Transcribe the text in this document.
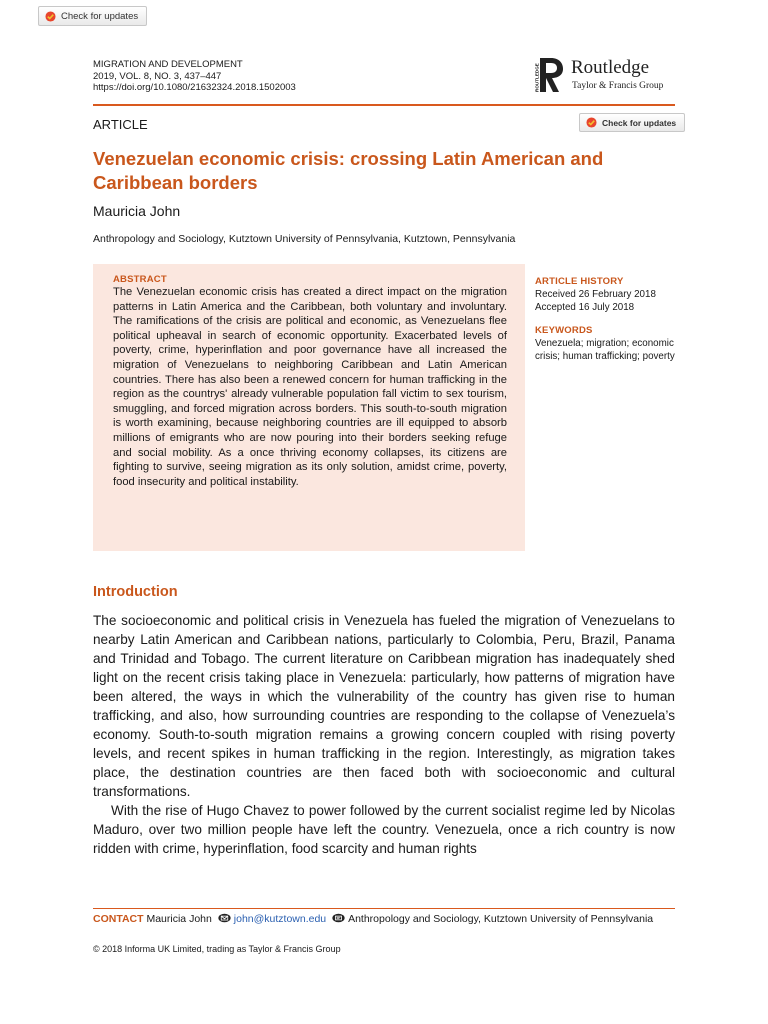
Check for updates
MIGRATION AND DEVELOPMENT
2019, VOL. 8, NO. 3, 437–447
https://doi.org/10.1080/21632324.2018.1502003	ROUTLEDGE Routledge
Taylor & Francis Group
ARTICLE	Check for updates
Venezuelan economic crisis: crossing Latin American and Caribbean borders
Mauricia John
Anthropology and Sociology, Kutztown University of Pennsylvania, Kutztown, Pennsylvania
ABSTRACT
The Venezuelan economic crisis has created a direct impact on the migration patterns in Latin America and the Caribbean, both voluntary and involuntary. The ramifications of the crisis are political and economic, as Venezuelans flee political upheaval in search of economic opportunity. Exacerbated levels of poverty, crime, hyperinflation and poor governance have all increased the migration of Venezuelans to neighboring Caribbean and Latin American countries. There has also been a renewed concern for human trafficking in the region as the countrys' already vulnerable population fall victim to sex tourism, smuggling, and forced migration across borders. This south-to-south migration is worth examining, because neighboring countries are ill equipped to absorb millions of emigrants who are now pouring into their borders seeking refuge and social mobility. As a once thriving economy collapses, its citizens are fighting to survive, seeing migration as its only solution, amidst crime, poverty, food insecurity and political instability.
ARTICLE HISTORY
Received 26 February 2018
Accepted 16 July 2018
KEYWORDS
Venezuela; migration; economic crisis; human trafficking; poverty
Introduction

The socioeconomic and political crisis in Venezuela has fueled the migration of Venezuelans to nearby Latin American and Caribbean nations, particularly to Colombia, Peru, Brazil, Panama and Trinidad and Tobago. The current literature on Caribbean migration has inadequately shed light on the recent crisis taking place in Venezuela: particularly, how patterns of migration have been altered, the ways in which the vulnerability of the country has given rise to human trafficking, and also, how surrounding countries are responding to the collapse of Venezuela’s economy. South-to-south migration remains a growing concern coupled with rising poverty levels, and recent spikes in human trafficking in the region. Interestingly, as migration takes place, the destination countries are then faced both with socioeconomic and cultural transformations.

With the rise of Hugo Chavez to power followed by the current socialist regime led by Nicolas Maduro, over two million people have left the country. Venezuela, once a rich country is now ridden with crime, hyperinflation, food scarcity and human rights

CONTACT Mauricia John john@kutztown.edu Anthropology and Sociology, Kutztown University of Pennsylvania
© 2018 Informa UK Limited, trading as Taylor & Francis Group
